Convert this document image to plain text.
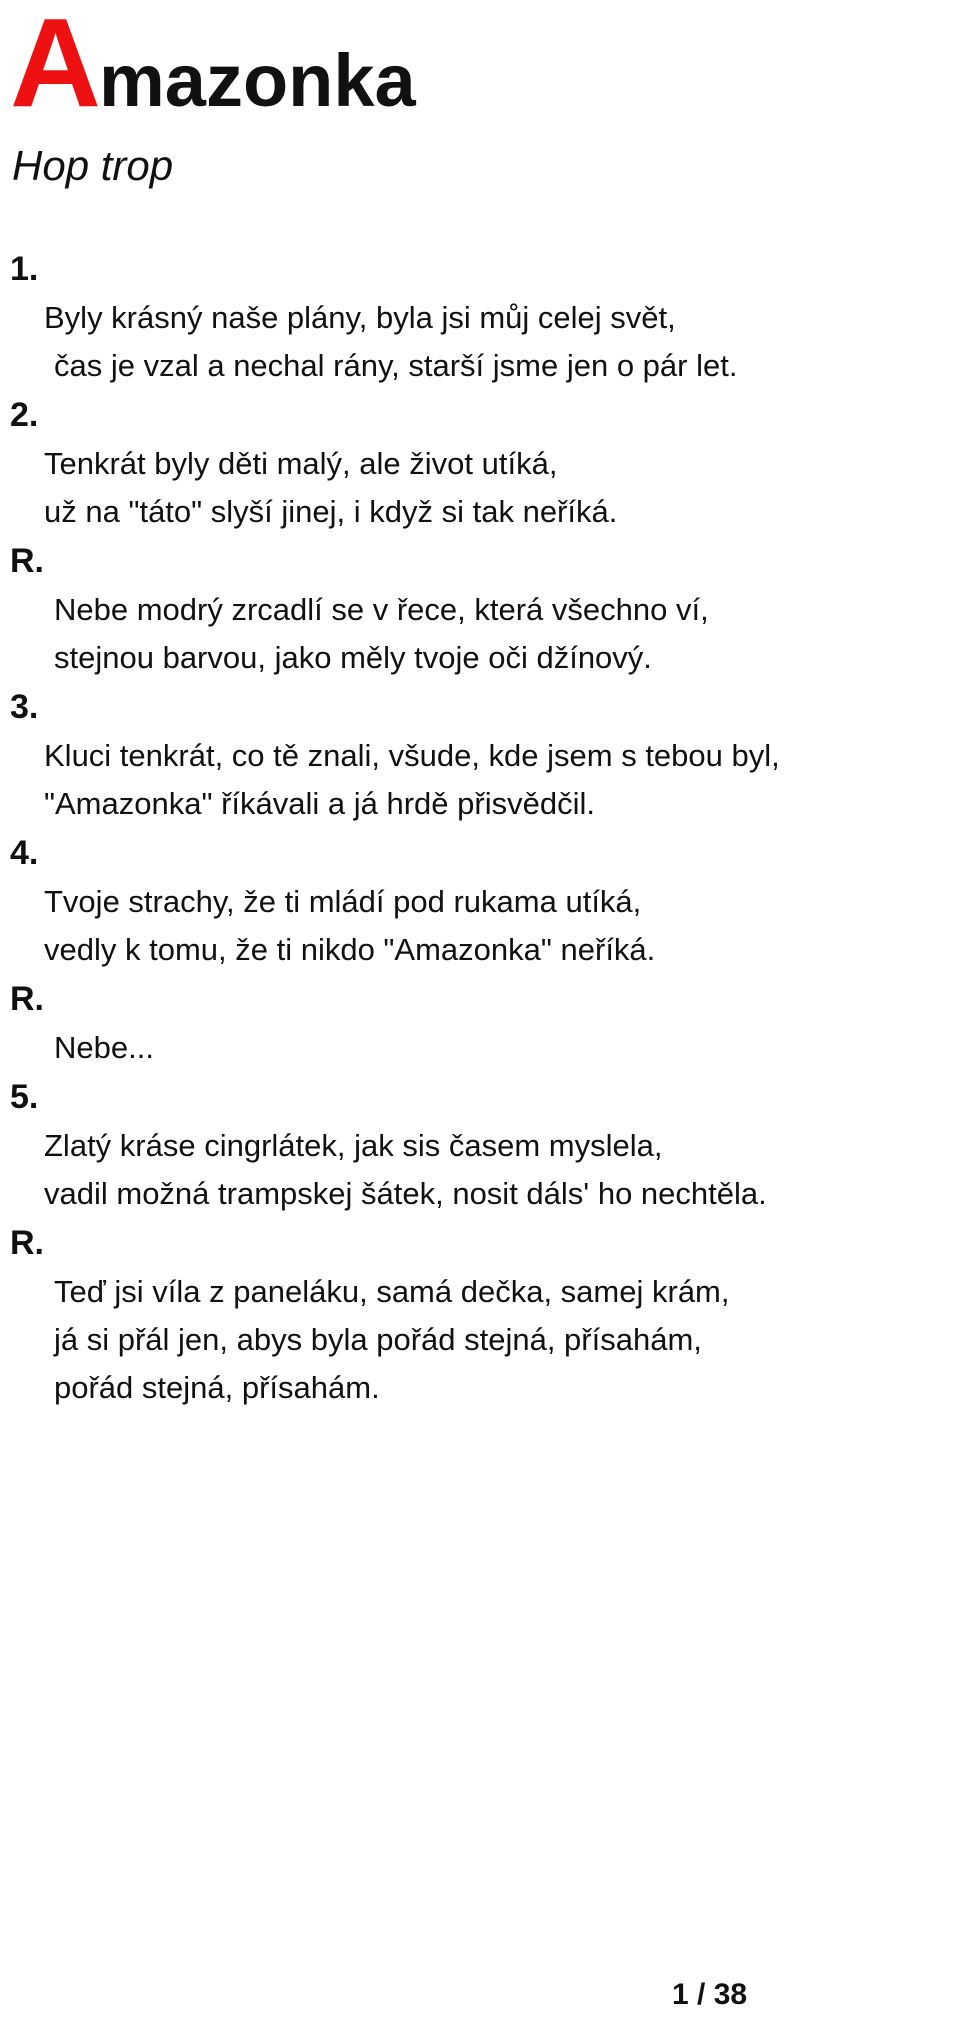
Amazonka
Hop trop
1.
Byly krásný naše plány, byla jsi můj celej svět,
čas je vzal a nechal rány, starší jsme jen o pár let.
2.
Tenkrát byly děti malý, ale život utíká,
už na "táto" slyší jinej, i když si tak neříká.
R.
Nebe modrý zrcadlí se v řece, která všechno ví,
stejnou barvou, jako měly tvoje oči džínový.
3.
Kluci tenkrát, co tě znali, všude, kde jsem s tebou byl,
"Amazonka" říkávali a já hrdě přisvědčil.
4.
Tvoje strachy, že ti mládí pod rukama utíká,
vedly k tomu, že ti nikdo "Amazonka" neříká.
R.
Nebe...
5.
Zlatý kráse cingrlátek, jak sis časem myslela,
vadil možná trampskej šátek, nosit dáls' ho nechtěla.
R.
Teď jsi víla z paneláku, samá dečka, samej krám,
já si přál jen, abys byla pořád stejná, přísahám,
pořád stejná, přísahám.
1 / 38
